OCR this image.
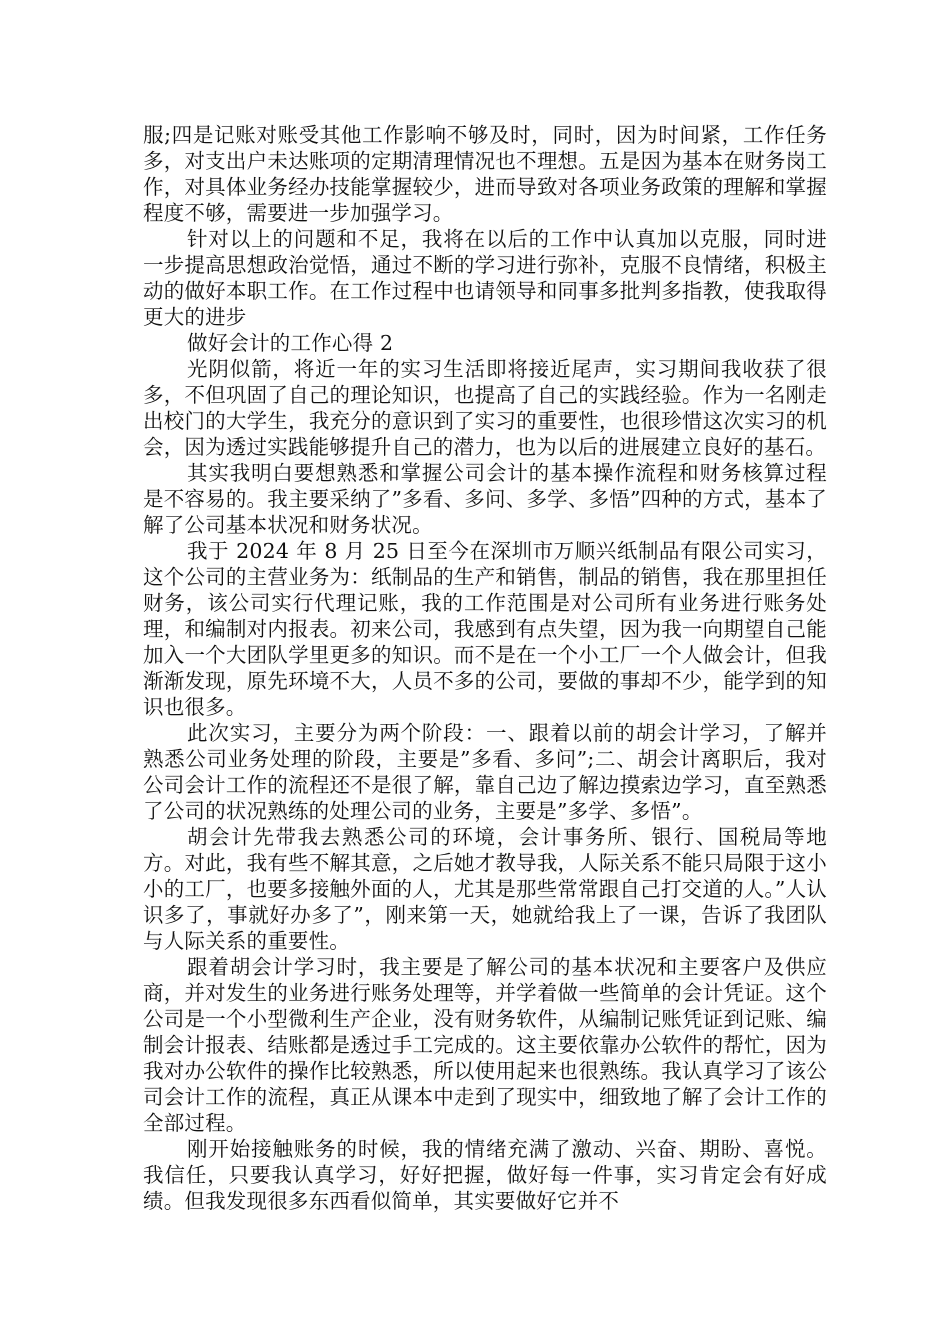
服;四是记账对账受其他工作影响不够及时，同时，因为时间紧，工作任务多，对支出户未达账项的定期清理情况也不理想。五是因为基本在财务岗工作，对具体业务经办技能掌握较少，进而导致对各项业务政策的理解和掌握程度不够，需要进一步加强学习。

针对以上的问题和不足，我将在以后的工作中认真加以克服，同时进一步提高思想政治觉悟，通过不断的学习进行弥补，克服不良情绪，积极主动的做好本职工作。在工作过程中也请领导和同事多批判多指教，使我取得更大的进步

做好会计的工作心得 2

光阴似箭，将近一年的实习生活即将接近尾声，实习期间我收获了很多，不但巩固了自己的理论知识，也提高了自己的实践经验。作为一名刚走出校门的大学生，我充分的意识到了实习的重要性，也很珍惜这次实习的机会，因为透过实践能够提升自己的潜力，也为以后的进展建立良好的基石。

其实我明白要想熟悉和掌握公司会计的基本操作流程和财务核算过程是不容易的。我主要采纳了”多看、多问、多学、多悟”四种的方式，基本了解了公司基本状况和财务状况。

我于 2024 年 8 月 25 日至今在深圳市万顺兴纸制品有限公司实习，这个公司的主营业务为：纸制品的生产和销售，制品的销售，我在那里担任财务，该公司实行代理记账，我的工作范围是对公司所有业务进行账务处理，和编制对内报表。初来公司，我感到有点失望，因为我一向期望自己能加入一个大团队学里更多的知识。而不是在一个小工厂一个人做会计，但我渐渐发现，原先环境不大，人员不多的公司，要做的事却不少，能学到的知识也很多。

此次实习，主要分为两个阶段：一、跟着以前的胡会计学习，了解并熟悉公司业务处理的阶段，主要是”多看、多问”;二、胡会计离职后，我对公司会计工作的流程还不是很了解，靠自己边了解边摸索边学习，直至熟悉了公司的状况熟练的处理公司的业务，主要是”多学、多悟”。

胡会计先带我去熟悉公司的环境，会计事务所、银行、国税局等地方。对此，我有些不解其意，之后她才教导我，人际关系不能只局限于这小小的工厂，也要多接触外面的人，尤其是那些常常跟自己打交道的人。”人认识多了，事就好办多了”，刚来第一天，她就给我上了一课，告诉了我团队与人际关系的重要性。

跟着胡会计学习时，我主要是了解公司的基本状况和主要客户及供应商，并对发生的业务进行账务处理等，并学着做一些简单的会计凭证。这个公司是一个小型微利生产企业，没有财务软件，从编制记账凭证到记账、编制会计报表、结账都是透过手工完成的。这主要依靠办公软件的帮忙，因为我对办公软件的操作比较熟悉，所以使用起来也很熟练。我认真学习了该公司会计工作的流程，真正从课本中走到了现实中，细致地了解了会计工作的全部过程。

刚开始接触账务的时候，我的情绪充满了激动、兴奋、期盼、喜悦。我信任，只要我认真学习，好好把握，做好每一件事，实习肯定会有好成绩。但我发现很多东西看似简单，其实要做好它并不
